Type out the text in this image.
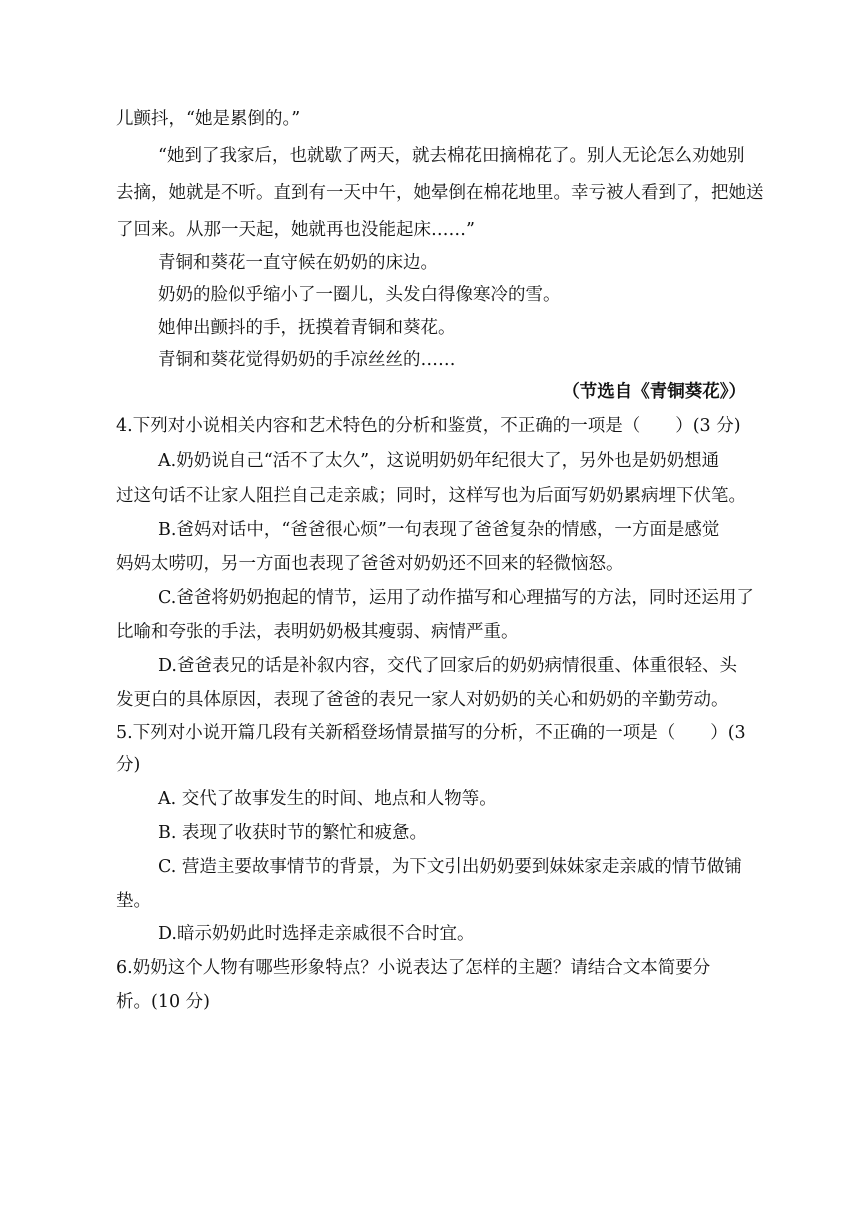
儿颤抖，“她是累倒的。”
“她到了我家后，也就歇了两天，就去棉花田摘棉花了。别人无论怎么劝她别
去摘，她就是不听。直到有一天中午，她晕倒在棉花地里。幸亏被人看到了，把她送
了回来。从那一天起，她就再也没能起床……”
青铜和葵花一直守候在奶奶的床边。
奶奶的脸似乎缩小了一圈儿，头发白得像寒冷的雪。
她伸出颤抖的手，抚摸着青铜和葵花。
青铜和葵花觉得奶奶的手凉丝丝的……
（节选自《青铜葵花》）
4.下列对小说相关内容和艺术特色的分析和鉴赏，不正确的一项是（　　）(3 分)
A.奶奶说自己“活不了太久”，这说明奶奶年纪很大了，另外也是奶奶想通
过这句话不让家人阻拦自己走亲戚；同时，这样写也为后面写奶奶累病埋下伏笔。
B.爸妈对话中，“爸爸很心烦”一句表现了爸爸复杂的情感，一方面是感觉
妈妈太唠叨，另一方面也表现了爸爸对奶奶还不回来的轻微恼怒。
C.爸爸将奶奶抱起的情节，运用了动作描写和心理描写的方法，同时还运用了
比喻和夸张的手法，表明奶奶极其瘦弱、病情严重。
D.爸爸表兄的话是补叙内容，交代了回家后的奶奶病情很重、体重很轻、头
发更白的具体原因，表现了爸爸的表兄一家人对奶奶的关心和奶奶的辛勤劳动。
5.下列对小说开篇几段有关新稻登场情景描写的分析，不正确的一项是（　　）(3
分)
A. 交代了故事发生的时间、地点和人物等。
B. 表现了收获时节的繁忙和疲惫。
C. 营造主要故事情节的背景，为下文引出奶奶要到妹妹家走亲戚的情节做铺
垫。
D.暗示奶奶此时选择走亲戚很不合时宜。
6.奶奶这个人物有哪些形象特点？小说表达了怎样的主题？请结合文本简要分
析。(10 分)
